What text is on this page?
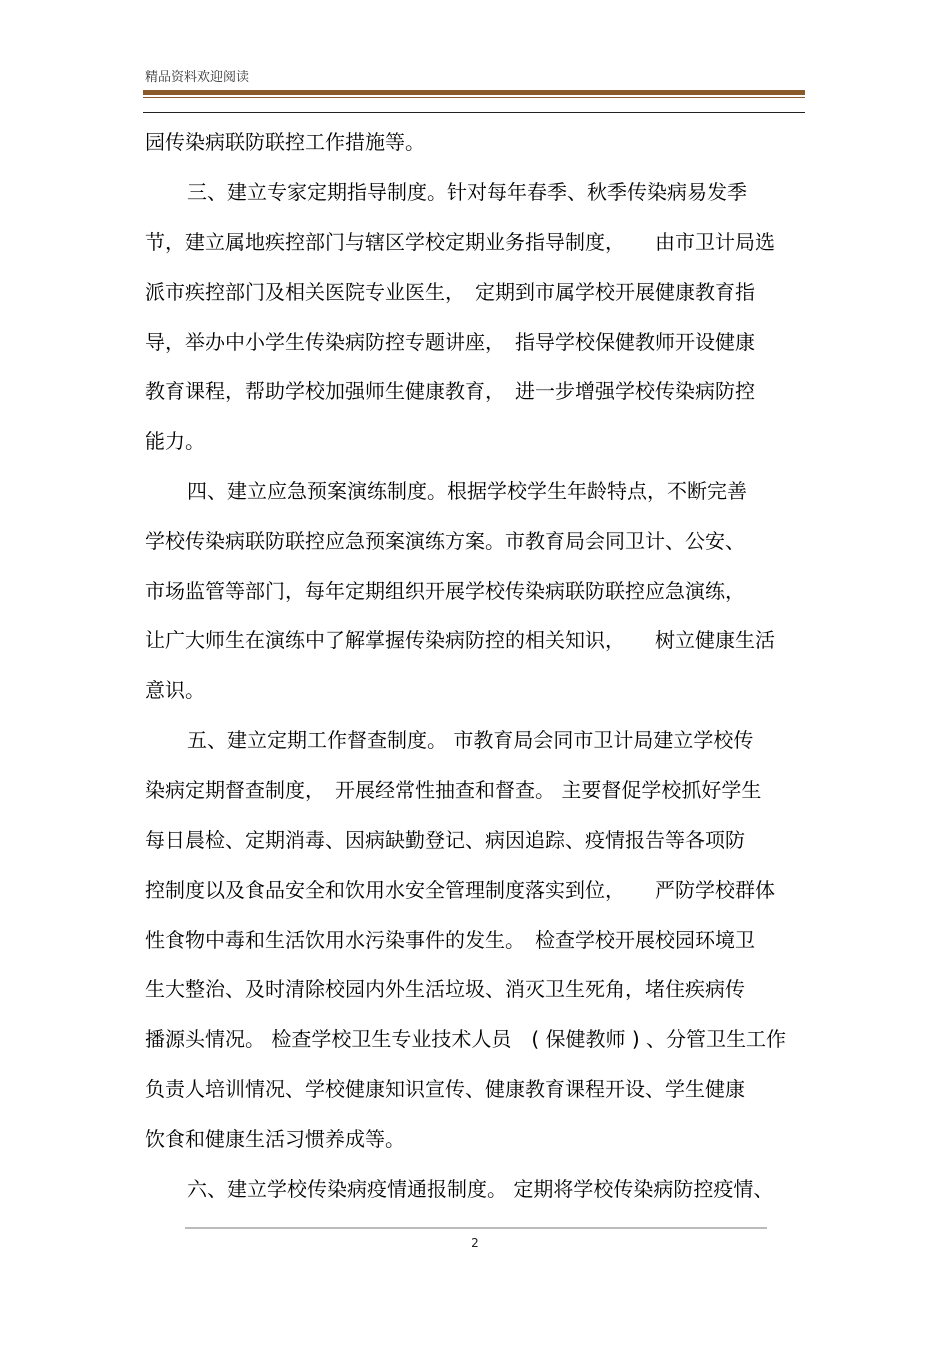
精品资料欢迎阅读
园传染病联防联控工作措施等。
三、建立专家定期指导制度。针对每年春季、秋季传染病易发季
节，建立属地疾控部门与辖区学校定期业务指导制度，　　由市卫计局选
派市疾控部门及相关医院专业医生，　定期到市属学校开展健康教育指
导，举办中小学生传染病防控专题讲座，　指导学校保健教师开设健康
教育课程，帮助学校加强师生健康教育，　进一步增强学校传染病防控
能力。
四、建立应急预案演练制度。根据学校学生年龄特点，不断完善
学校传染病联防联控应急预案演练方案。市教育局会同卫计、公安、
市场监管等部门，每年定期组织开展学校传染病联防联控应急演练，
让广大师生在演练中了解掌握传染病防控的相关知识，　　树立健康生活
意识。
五、建立定期工作督查制度。 市教育局会同市卫计局建立学校传
染病定期督查制度，　开展经常性抽查和督查。 主要督促学校抓好学生
每日晨检、定期消毒、因病缺勤登记、病因追踪、疫情报告等各项防
控制度以及食品安全和饮用水安全管理制度落实到位，　　严防学校群体
性食物中毒和生活饮用水污染事件的发生。　检查学校开展校园环境卫
生大整治、及时清除校园内外生活垃圾、消灭卫生死角，堵住疾病传
播源头情况。 检查学校卫生专业技术人员　( 保健教师 ) 、分管卫生工作
负责人培训情况、学校健康知识宣传、健康教育课程开设、学生健康
饮食和健康生活习惯养成等。
六、建立学校传染病疫情通报制度。 定期将学校传染病防控疫情、
2
